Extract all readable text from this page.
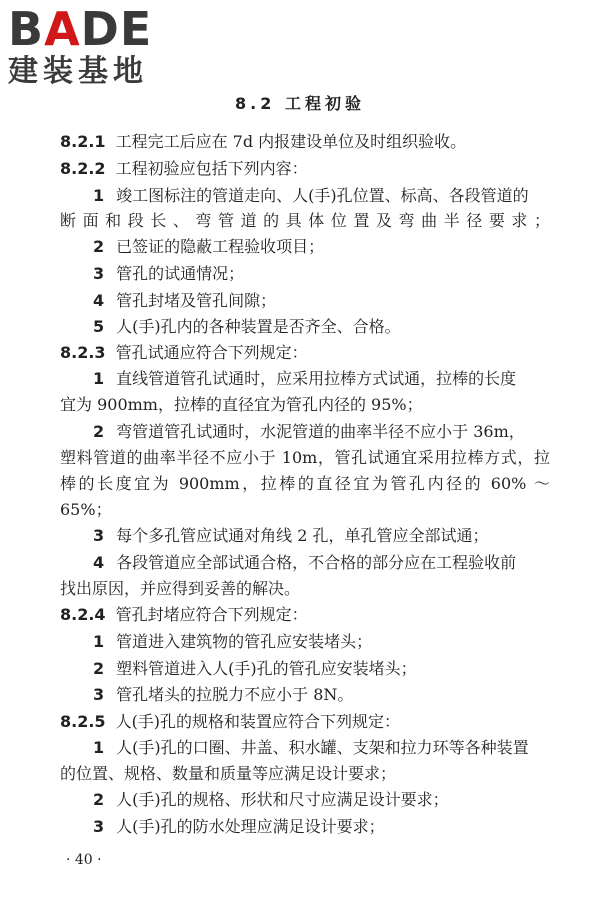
BADE
建装基地
8.2 工程初验
8.2.1 工程完工后应在 7d 内报建设单位及时组织验收。
8.2.2 工程初验应包括下列内容：
1 竣工图标注的管道走向、人(手)孔位置、标高、各段管道的
断面和段长、弯管道的具体位置及弯曲半径要求；
2 已签证的隐蔽工程验收项目；
3 管孔的试通情况；
4 管孔封堵及管孔间隙；
5 人(手)孔内的各种装置是否齐全、合格。
8.2.3 管孔试通应符合下列规定：
1 直线管道管孔试通时，应采用拉棒方式试通，拉棒的长度
宜为 900mm，拉棒的直径宜为管孔内径的 95%；
2 弯管道管孔试通时，水泥管道的曲率半径不应小于 36m，
塑料管道的曲率半径不应小于 10m，管孔试通宜采用拉棒方式，拉
棒的长度宜为 900mm，拉棒的直径宜为管孔内径的 60% ～
65%；
3 每个多孔管应试通对角线 2 孔，单孔管应全部试通；
4 各段管道应全部试通合格，不合格的部分应在工程验收前
找出原因，并应得到妥善的解决。
8.2.4 管孔封堵应符合下列规定：
1 管道进入建筑物的管孔应安装堵头；
2 塑料管道进入人(手)孔的管孔应安装堵头；
3 管孔堵头的拉脱力不应小于 8N。
8.2.5 人(手)孔的规格和装置应符合下列规定：
1 人(手)孔的口圈、井盖、积水罐、支架和拉力环等各种装置
的位置、规格、数量和质量等应满足设计要求；
2 人(手)孔的规格、形状和尺寸应满足设计要求；
3 人(手)孔的防水处理应满足设计要求；
· 40 ·
